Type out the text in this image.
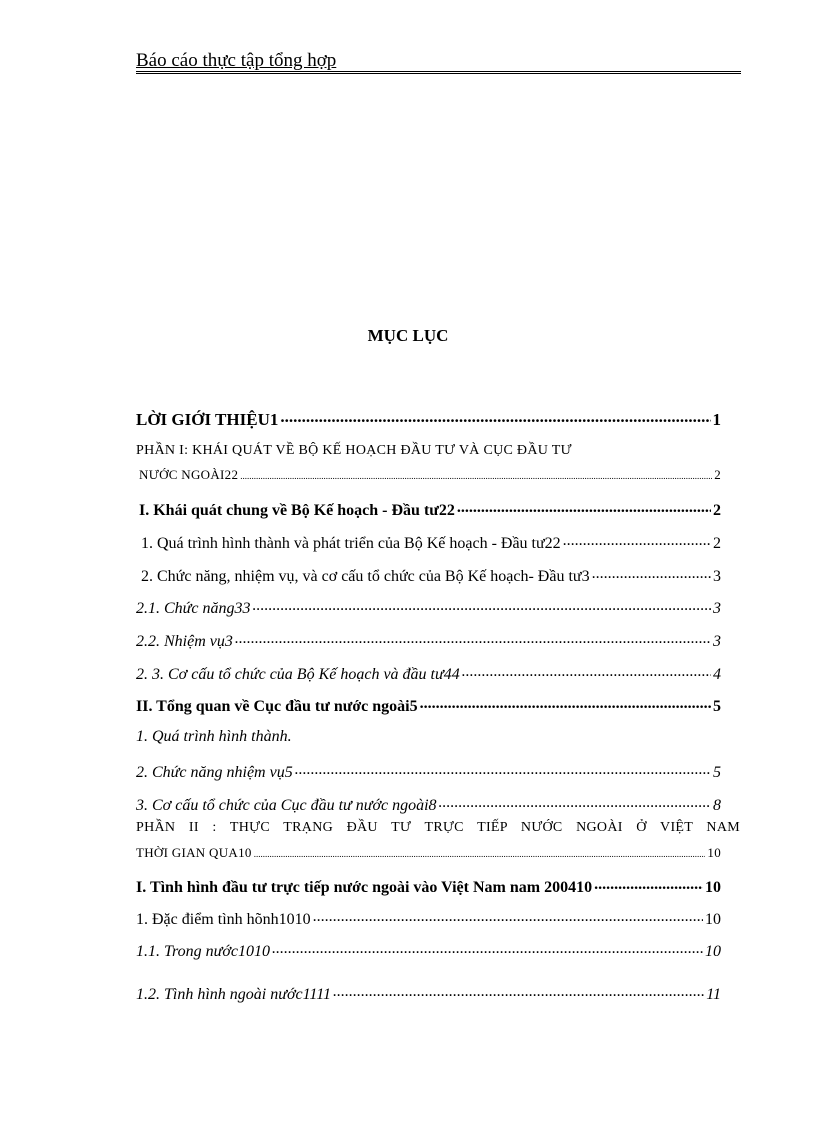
Báo cáo thực tập tổng hợp
MỤC LỤC
LỜI GIỚI THIỆU1 .....	1
PHẦN I: KHÁI QUÁT VỀ BỘ KẾ HOẠCH ĐẦU TƯ VÀ CỤC ĐẦU TƯ
NƯỚC NGOÀI22 .....	2
I. Khái quát chung về Bộ Kế hoạch - Đầu tư22 .....	2
1. Quá trình hình thành và phát triển của Bộ Kế hoạch - Đầu tư22 .....	2
2. Chức năng, nhiệm vụ, và cơ cấu tổ chức của Bộ Kế hoạch- Đầu tư3 .....	3
2.1. Chức năng33 .....	3
2.2. Nhiệm vụ3 .....	3
2. 3. Cơ cấu tổ chức của Bộ Kế hoạch và đầu tư44 .....	4
II. Tổng quan về Cục đầu tư nước ngoài5 .....	5
1. Quá trình hình thành.
2. Chức năng nhiệm vụ5 .....	5
3. Cơ cấu tổ chức của Cục đầu tư nước ngoài8 .....	8
PHẦN II : THỰC TRẠNG ĐẦU TƯ TRỰC TIẾP NƯỚC NGOÀI Ở VIỆT NAM
THỜI GIAN QUA10 .....	10
I. Tình hình đầu tư trực tiếp nước ngoài vào Việt Nam nam 200410 .....	10
1. Đặc điểm tình hõnh1010 .....	10
1.1. Trong nước1010 .....	10
1.2. Tình hình ngoài nước1111 .....	11
